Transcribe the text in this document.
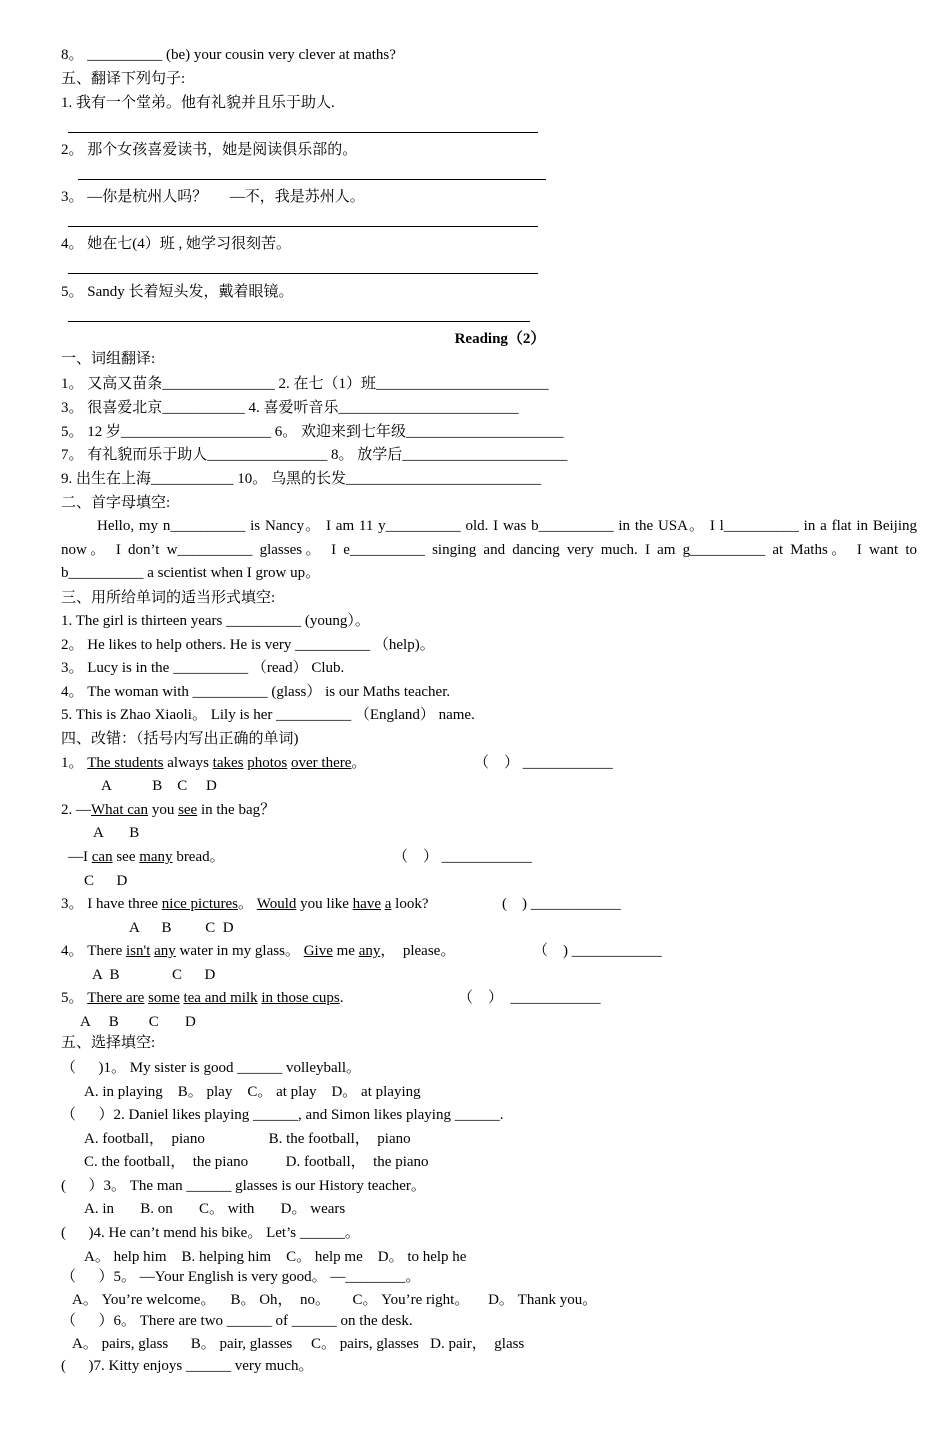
8。 __________ (be) your cousin very clever at maths?
五、翻译下列句子:
1. 我有一个堂弟。他有礼貌并且乐于助人.
2。 那个女孩喜爱读书，她是阅读俱乐部的。
3。 —你是杭州人吗？      —不，我是苏州人。
4。 她在七(4）班 , 她学习很刻苦。
5。 Sandy 长着短头发，戴着眼镜。
Reading（2）
一、词组翻译:
1。 又高又苗条_______________ 2. 在七（1）班_______________________
3。 很喜爱北京___________ 4. 喜爱听音乐________________________
5。 12 岁____________________ 6。 欢迎来到七年级_____________________
7。 有礼貌而乐于助人________________ 8。 放学后______________________
9. 出生在上海___________ 10。 乌黑的长发__________________________
二、首字母填空:
Hello, my n__________ is Nancy。 I am 11 y__________ old. I was b__________ in the USA。 I l__________ in a flat in Beijing now。 I don’t w__________ glasses。 I e__________ singing and dancing very much. I am g__________ at Maths。 I want to b__________ a scientist when I grow up。
三、用所给单词的适当形式填空:
1. The girl is thirteen years __________ (young）。
2。 He likes to help others. He is very __________ （help)。
3。 Lucy is in the __________ （read） Club.
4。 The woman with __________ (glass） is our Maths teacher.
5. This is Zhao Xiaoli。 Lily is her __________ （England） name.
四、改错：（括号内写出正确的单词)
1。 The students always takes photos over there。	（    ） ____________
A           B    C     D
2. —What can you see in the bag？
A       B
—I can see many bread。	（    ） ____________
C      D
3。 I have three nice pictures。 Would you like have a look?	(    ) ____________
A      B         C  D
4。 There isn't any water in my glass。 Give me any，  please。	（    ) ____________
A  B              C      D
5。 There are some tea and milk in those cups.	（    ）  ____________
A     B        C       D
五、选择填空:
（      )1。 My sister is good ______ volleyball。
A. in playing    B。 play    C。 at play    D。 at playing
（      ）2. Daniel likes playing ______, and Simon likes playing ______.
A. football，  piano                 B. the football，  piano
C. the football，  the piano          D. football，  the piano
(      ）3。 The man ______ glasses is our History teacher。
A. in       B. on       C。 with       D。 wears
(      )4. He can’t mend his bike。 Let’s ______。
A。 help him    B. helping him    C。 help me    D。 to help he
（      ）5。 —Your English is very good。 —________。
A。 You’re welcome。    B。 Oh，  no。      C。 You’re right。     D。 Thank you。
（      ）6。 There are two ______ of ______ on the desk.
A。 pairs, glass      B。 pair, glasses     C。 pairs, glasses   D. pair，  glass
(      )7. Kitty enjoys ______ very much。
